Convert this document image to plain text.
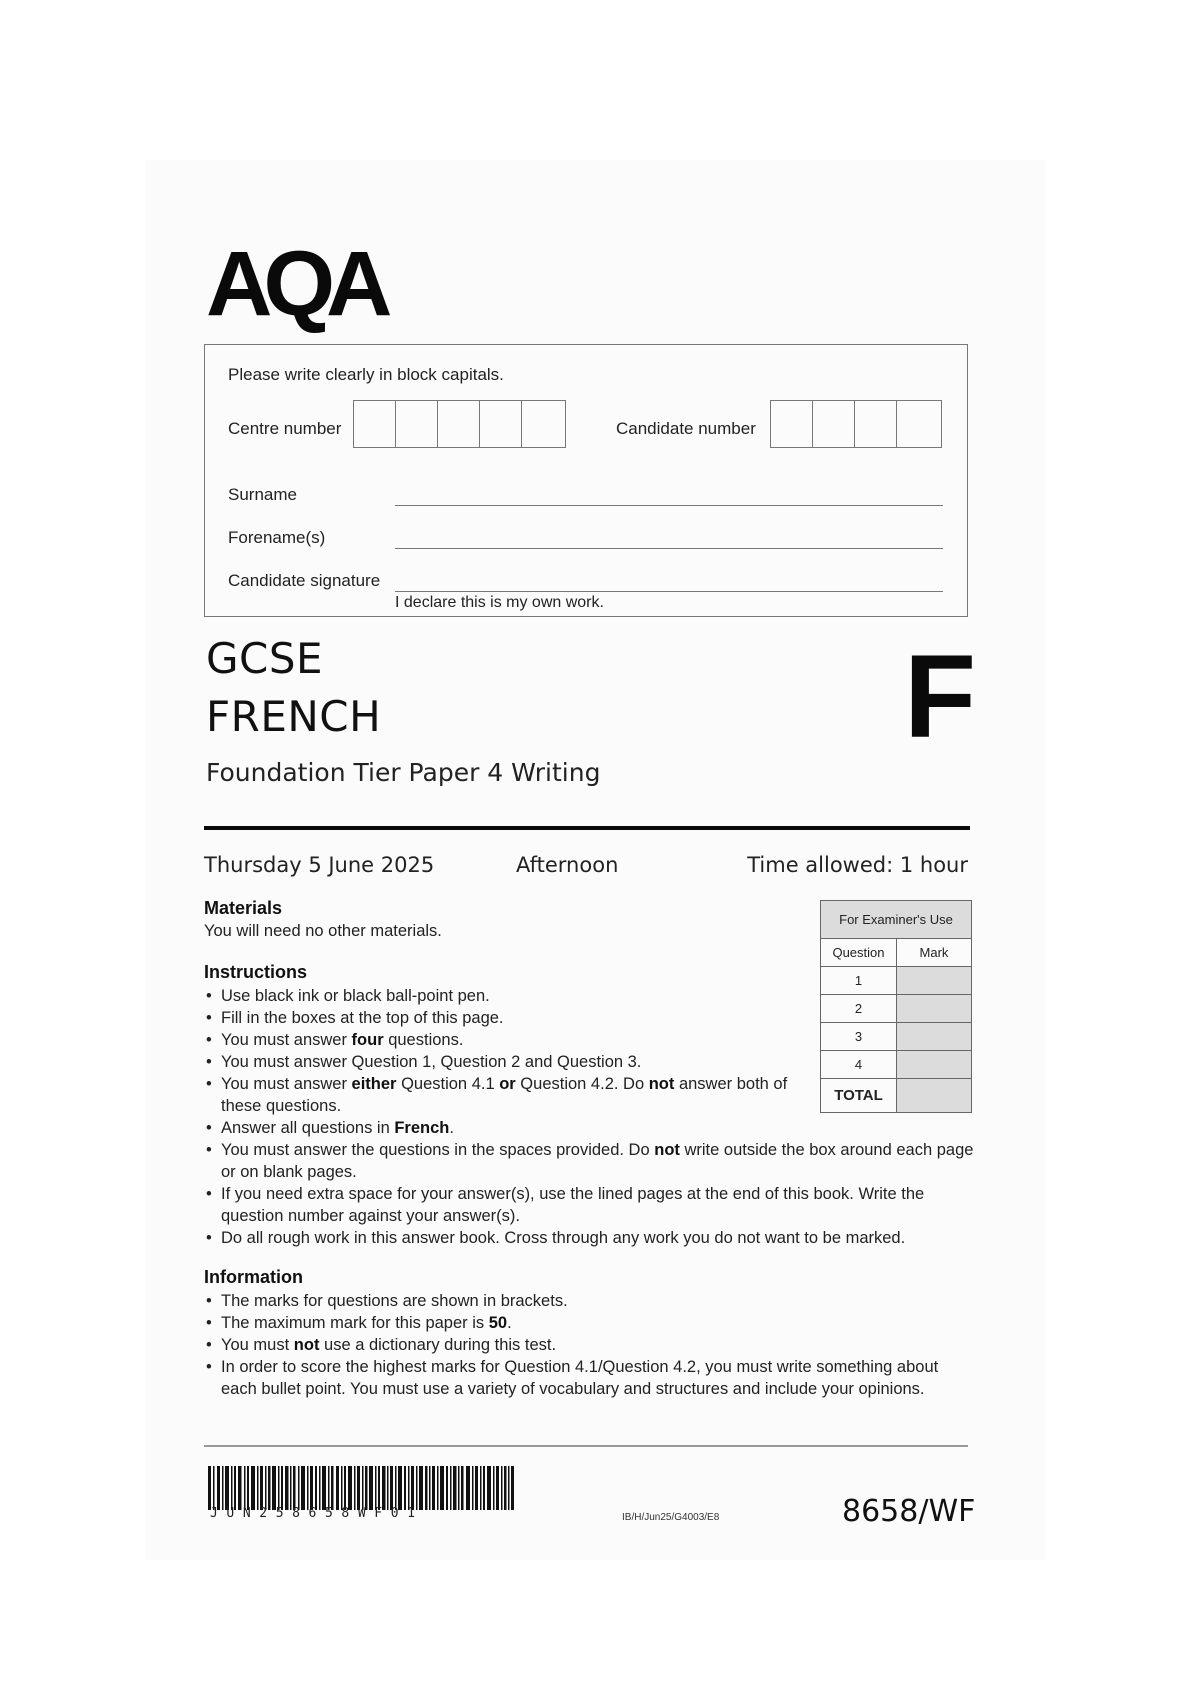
AQA
Please write clearly in block capitals.
Centre number	Candidate number
Surname
Forename(s)
Candidate signature
I declare this is my own work.
GCSE
FRENCH	F
Foundation Tier Paper 4 Writing
Thursday 5 June 2025	Afternoon	Time allowed: 1 hour
Materials
You will need no other materials.
Instructions
• Use black ink or black ball-point pen.
• Fill in the boxes at the top of this page.
• You must answer four questions.
• You must answer Question 1, Question 2 and Question 3.
• You must answer either Question 4.1 or Question 4.2. Do not answer both of these questions.
• Answer all questions in French.
• You must answer the questions in the spaces provided. Do not write outside the box around each page or on blank pages.
• If you need extra space for your answer(s), use the lined pages at the end of this book. Write the question number against your answer(s).
• Do all rough work in this answer book. Cross through any work you do not want to be marked.
Information
• The marks for questions are shown in brackets.
• The maximum mark for this paper is 50.
• You must not use a dictionary during this test.
• In order to score the highest marks for Question 4.1/Question 4.2, you must write something about each bullet point. You must use a variety of vocabulary and structures and include your opinions.
For Examiner's Use	
Question	Mark
1	
2	
3	
4	
TOTAL	
JUN258658WF01	IB/H/Jun25/G4003/E8	8658/WF
